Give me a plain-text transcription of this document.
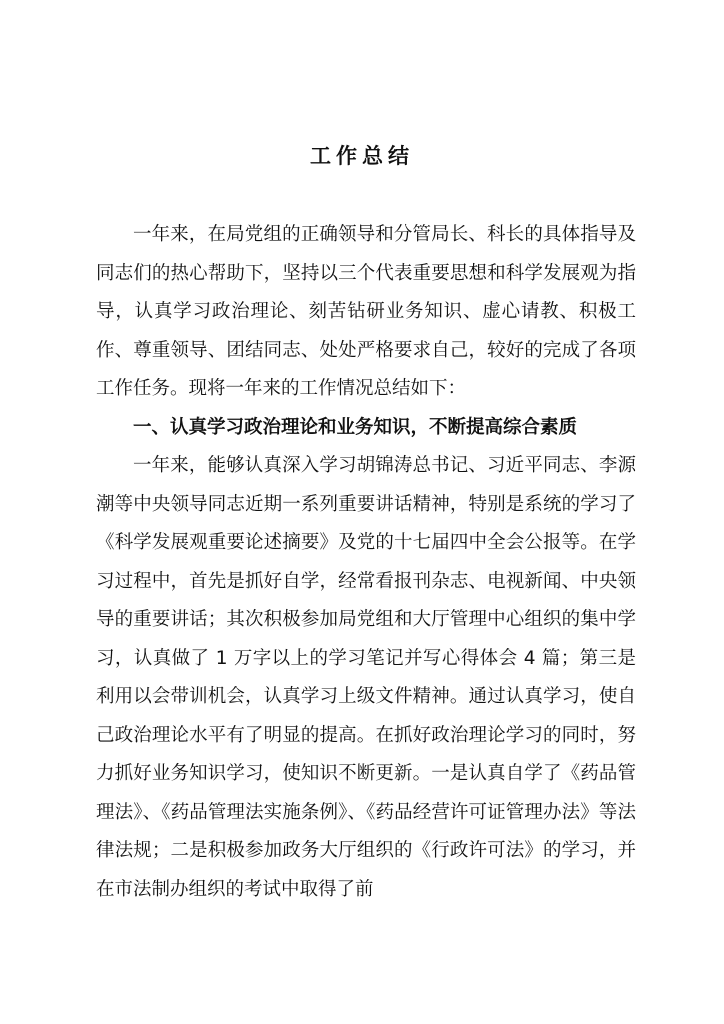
工作总结

一年来，在局党组的正确领导和分管局长、科长的具体指导及同志们的热心帮助下，坚持以三个代表重要思想和科学发展观为指导，认真学习政治理论、刻苦钻研业务知识、虚心请教、积极工作、尊重领导、团结同志、处处严格要求自己，较好的完成了各项工作任务。现将一年来的工作情况总结如下：

一、认真学习政治理论和业务知识，不断提高综合素质

一年来，能够认真深入学习胡锦涛总书记、习近平同志、李源潮等中央领导同志近期一系列重要讲话精神，特别是系统的学习了《科学发展观重要论述摘要》及党的十七届四中全会公报等。在学习过程中，首先是抓好自学，经常看报刊杂志、电视新闻、中央领导的重要讲话；其次积极参加局党组和大厅管理中心组织的集中学习，认真做了 1 万字以上的学习笔记并写心得体会 4 篇；第三是利用以会带训机会，认真学习上级文件精神。通过认真学习，使自己政治理论水平有了明显的提高。在抓好政治理论学习的同时，努力抓好业务知识学习，使知识不断更新。一是认真自学了《药品管理法》、《药品管理法实施条例》、《药品经营许可证管理办法》等法律法规；二是积极参加政务大厅组织的《行政许可法》的学习，并在市法制办组织的考试中取得了前
